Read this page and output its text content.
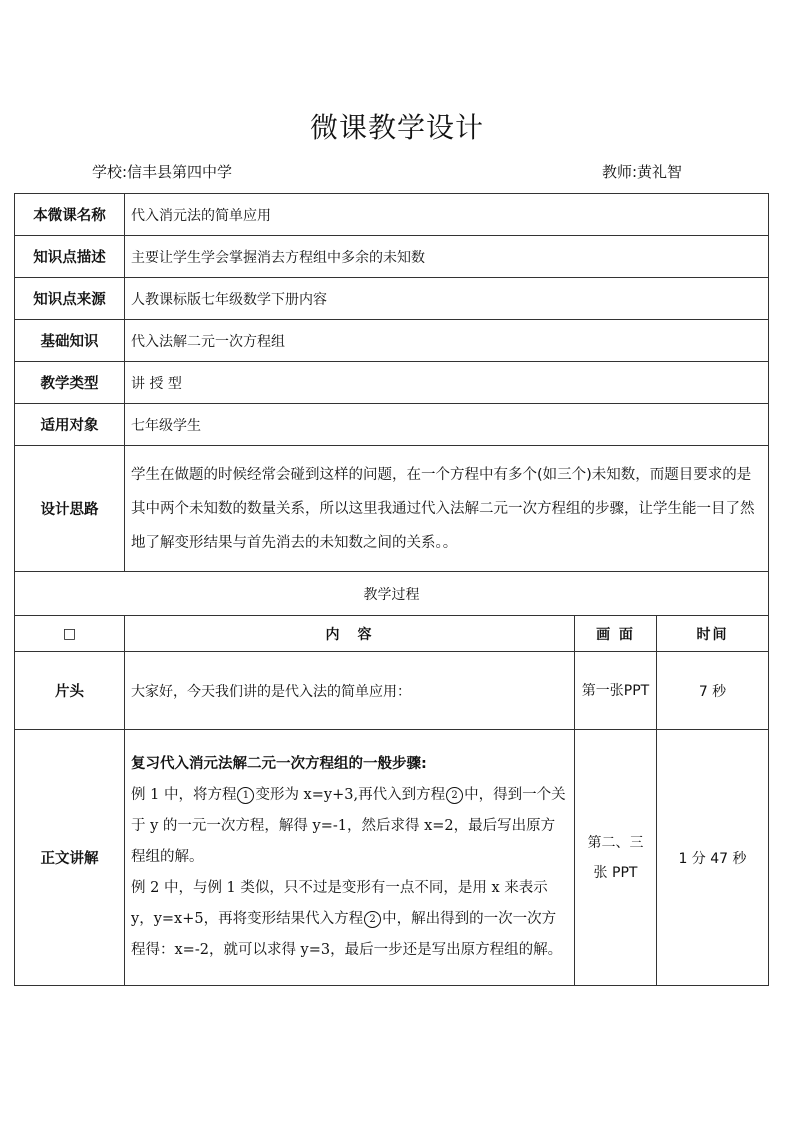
微课教学设计
学校:信丰县第四中学	教师:黄礼智
本微课名称	代入消元法的简单应用		
知识点描述	主要让学生学会掌握消去方程组中多余的未知数		
知识点来源	人教课标版七年级数学下册内容		
基础知识	代入法解二元一次方程组		
教学类型	讲 授 型		
适用对象	七年级学生		
设计思路	学生在做题的时候经常会碰到这样的问题，在一个方程中有多个(如三个)未知数，而题目要求的是其中两个未知数的数量关系，所以这里我通过代入法解二元一次方程组的步骤，让学生能一目了然地了解变形结果与首先消去的未知数之间的关系。。		
教学过程			
□	内　容	画 面	时间
片头	大家好，今天我们讲的是代入法的简单应用：	第一张PPT	7 秒
正文讲解	复习代入消元法解二元一次方程组的一般步骤:
例 1 中，将方程 1 变形为 x=y+3,再代入到方程 2 中，得到一个关于 y 的一元一次方程，解得 y=-1，然后求得 x=2，最后写出原方程组的解。
例 2 中，与例 1 类似，只不过是变形有一点不同，是用 x 来表示 y，y=x+5，再将变形结果代入方程 2 中，解出得到的一次一次方程得：x=-2，就可以求得 y=3，最后一步还是写出原方程组的解。	第二、三张 PPT	1 分 47 秒
